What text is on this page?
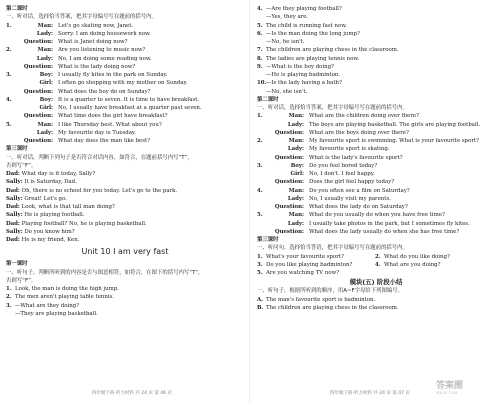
第二课时
一、听对话，选择恰当答案，把其字母编号写在题前的括号内。
1.	Man: Let's go skating now, Janet.
Lady: Sorry. I am doing housework now.
Question: What is Janet doing now?
2.	Man: Are you listening to music now?
Lady: No, I am doing some reading now.
Question: What is the lady doing now?
3.	Boy: I usually fly kites in the park on Sunday.
Girl: I often go shopping with my mother on Sunday.
Question: What does the boy do on Sunday?
4.	Boy: It is a quarter to seven. It is time to have breakfast.
Girl: No, I usually have breakfast at a quarter past seven.
Question: What time does the girl have breakfast?
5.	Man: I like Thursday best. What about you?
Lady: My favourite day is Tuesday.
Question: What day does the man like best?
第三课时
一、听对话，判断下列句子是否符合对话内容，如符合，在题前括号内写“T”，
否则写“F”。
Dad: What day is it today, Sally?
Sally: It is Saturday, Dad.
Dad: Oh, there is no school for you today. Let's go to the park.
Sally: Great! Let's go.
Dad: Look, what is that tall man doing?
Sally: He is playing football.
Dad: Playing football? No, he is playing basketball.
Sally: Do you know him?
Dad: He is my friend, Ken.
Unit 10 I am very fast
第一课时
一、听句子，判断所听到的内容是否与图意相符，如符合，在图下的括号内写“T”，
否则写“F”。
1. Look, the man is doing the high jump.
2. The men aren't playing table tennis.
3. —What are they doing?
—They are playing basketball.
4. —Are they playing football?
—Yes, they are.
5. The child is running fast now.
6. —Is the man doing the long jump?
—No, he isn't.
7. The children are playing chess in the classroom.
8. The ladies are playing tennis now.
9. —What is the boy doing?
—He is playing badminton.
10.—Is the lady having a bath?
—No, she isn't.
第二课时
一、听对话，选择恰当答案，把其字母编号写在题前的括号内。
1.	Man: What are the children doing over there?
Lady: The boys are playing basketball. The girls are playing football.
Question: What are the boys doing over there?
2.	Man: My favourite sport is swimming. What is your favourite sport?
Lady: My favourite sport is skating.
Question: What is the lady's favourite sport?
3.	Boy: Do you feel bored today?
Girl: No, I don't. I feel happy.
Question: Does the girl feel happy today?
4.	Man: Do you often see a film on Saturday?
Lady: No, I usually visit my parents.
Question: What does the lady do on Saturday?
5.	Man: What do you usually do when you have free time?
Lady: I usually take photos in the park, but I sometimes fly kites.
Question: What does the lady usually do when she has free time?
第三课时
一、听问句，选择恰当答语，把其字母编号写在题前的括号内。
1. What's your favourite sport?	2. What do you like doing?
3. Do you like playing badminton?	4. What are you doing?
5. Are you watching TV now?
模块(五) 阶段小结
一、听句子，根据所听到的顺序，用A~F字母给下列图编号。
A. The man's favourite sport is badminton.
B. The children are playing chess in the classroom.
四年级下册·听力材料 共 24 页 第 46 页	四年级下册·听力材料 共 24 页 第 47 页
答案圈
MXQE.COM
